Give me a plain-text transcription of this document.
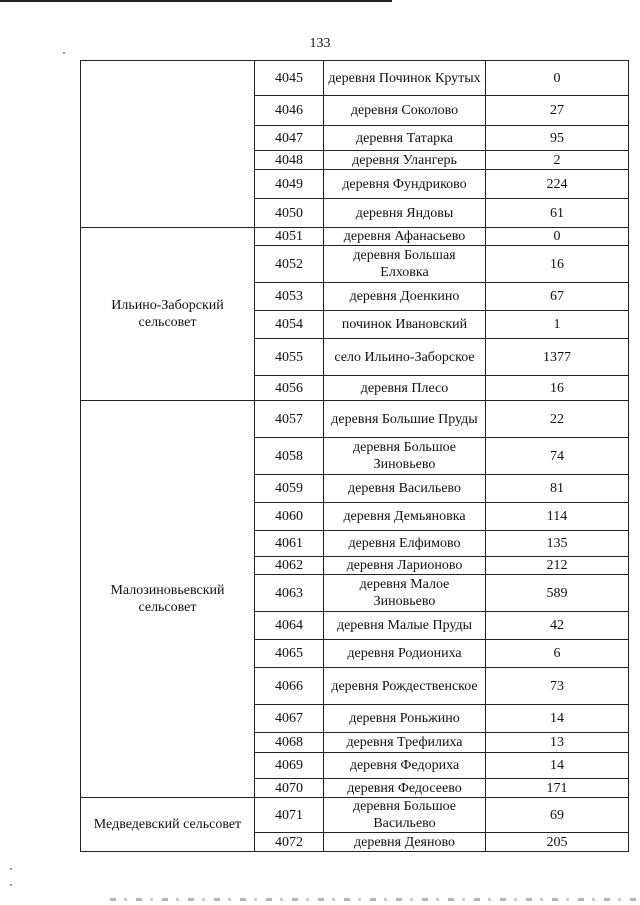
133
	4045	деревня Починок Крутых	0
	4046	деревня Соколово	27
	4047	деревня Татарка	95
	4048	деревня Улангерь	2
	4049	деревня Фундриково	224
	4050	деревня Яндовы	61
Ильино-Заборский сельсовет	4051	деревня Афанасьево	0
	4052	деревня Большая Елховка	16
	4053	деревня Доенкино	67
	4054	починок Ивановский	1
	4055	село Ильино-Заборское	1377
	4056	деревня Плесо	16
Малозиновьевский сельсовет	4057	деревня Большие Пруды	22
	4058	деревня Большое Зиновьево	74
	4059	деревня Васильево	81
	4060	деревня Демьяновка	114
	4061	деревня Елфимово	135
	4062	деревня Ларионово	212
	4063	деревня Малое Зиновьево	589
	4064	деревня Малые Пруды	42
	4065	деревня Родиониха	6
	4066	деревня Рождественское	73
	4067	деревня Роньжино	14
	4068	деревня Трефилиха	13
	4069	деревня Федориха	14
	4070	деревня Федосеево	171
Медведевский сельсовет	4071	деревня Большое Васильево	69
	4072	деревня Деяново	205
